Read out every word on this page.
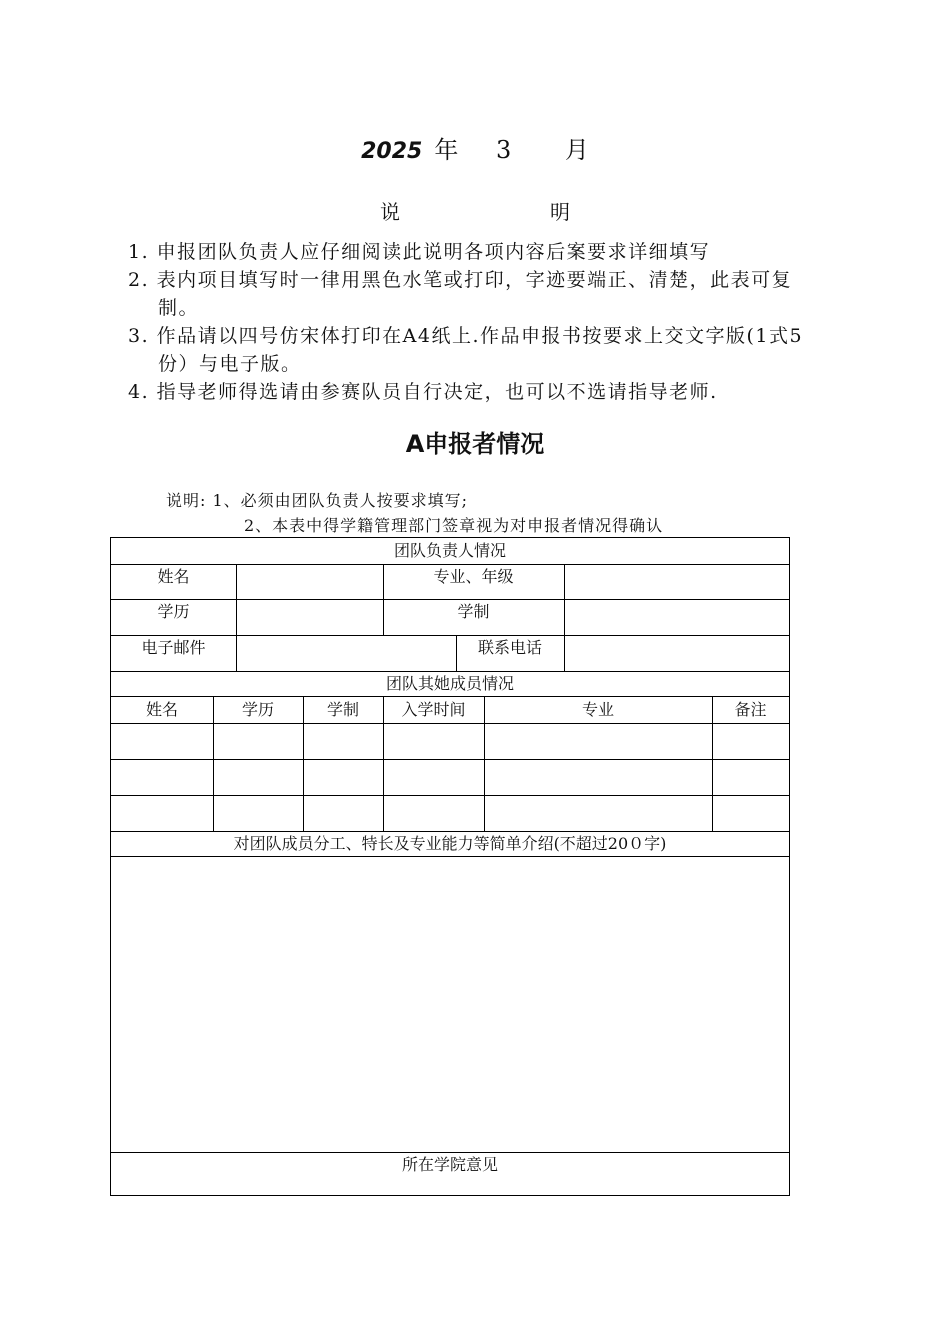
2025 年 3 月
说明
1. 申报团队负责人应仔细阅读此说明各项内容后案要求详细填写
2. 表内项目填写时一律用黑色水笔或打印，字迹要端正、清楚，此表可复制。
3. 作品请以四号仿宋体打印在A4纸上.作品申报书按要求上交文字版(1式5份）与电子版。
4. 指导老师得选请由参赛队员自行决定，也可以不选请指导老师.
A申报者情况
说明: 1、必须由团队负责人按要求填写;
2、本表中得学籍管理部门签章视为对申报者情况得确认
团队负责人情况
姓名	专业、年级
学历	学制
电子邮件	联系电话
团队其她成员情况
姓名	学历	学制	入学时间	专业	备注
对团队成员分工、特长及专业能力等简单介绍(不超过20０字)
所在学院意见
